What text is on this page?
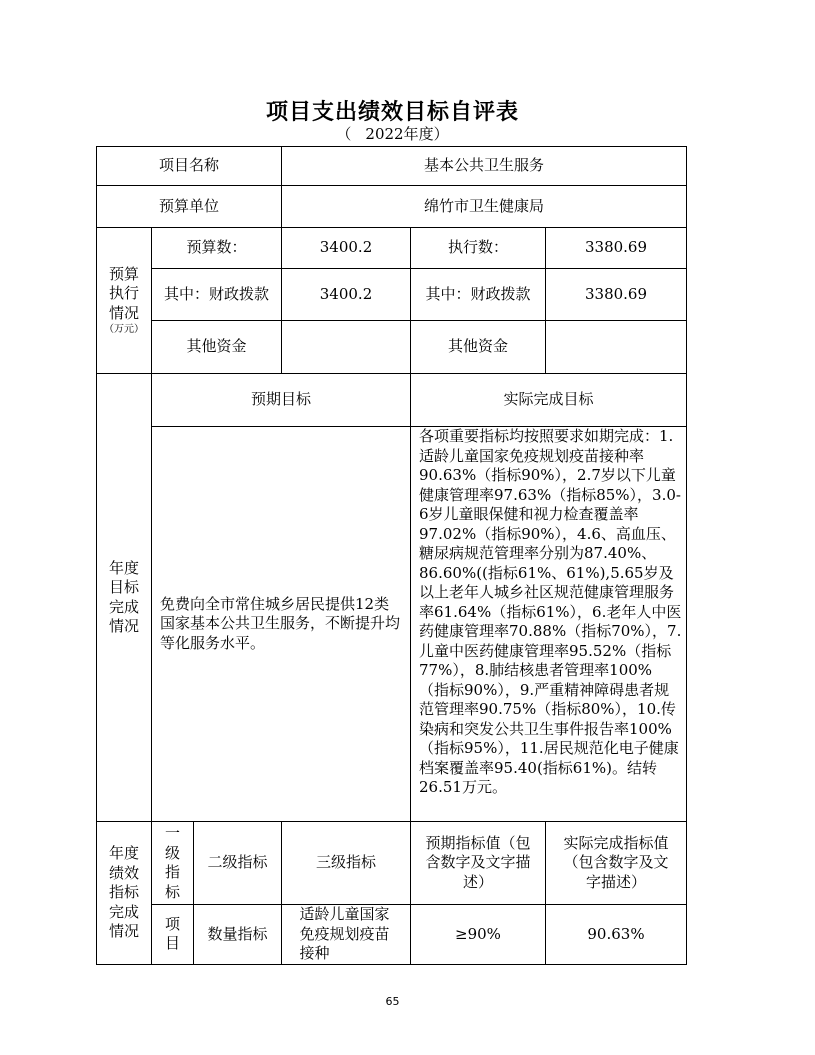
项目支出绩效目标自评表
（ 2022年度）
项目名称			基本公共卫生服务		
预算单位			绵竹市卫生健康局		
预算执行情况
（万元）	预算数：		3400.2	执行数：	3380.69
	其中：财政拨款		3400.2	其中：财政拨款	3380.69
	其他资金			其他资金	
年度目标完成情况	预期目标			实际完成目标	
	免费向全市常住城乡居民提供12类国家基本公共卫生服务，不断提升均等化服务水平。			各项重要指标均按照要求如期完成：1.适龄儿童国家免疫规划疫苗接种率90.63%（指标90%），2.7岁以下儿童健康管理率97.63%（指标85%），3.0-6岁儿童眼保健和视力检查覆盖率97.02%（指标90%），4.6、高血压、糖尿病规范管理率分别为87.40%、86.60%((指标61%、61%),5.65岁及以上老年人城乡社区规范健康管理服务率61.64%（指标61%），6.老年人中医药健康管理率70.88%（指标70%），7.儿童中医药健康管理率95.52%（指标77%），8.肺结核患者管理率100%（指标90%），9.严重精神障碍患者规范管理率90.75%（指标80%），10.传染病和突发公共卫生事件报告率100%（指标95%），11.居民规范化电子健康档案覆盖率95.40(指标61%)。结转26.51万元。	
年度绩效指标完成情况	一级指标	二级指标	三级指标	预期指标值（包含数字及文字描述）	实际完成指标值（包含数字及文字描述）
	项目	数量指标	适龄儿童国家免疫规划疫苗接种	≥90%	90.63%
65
